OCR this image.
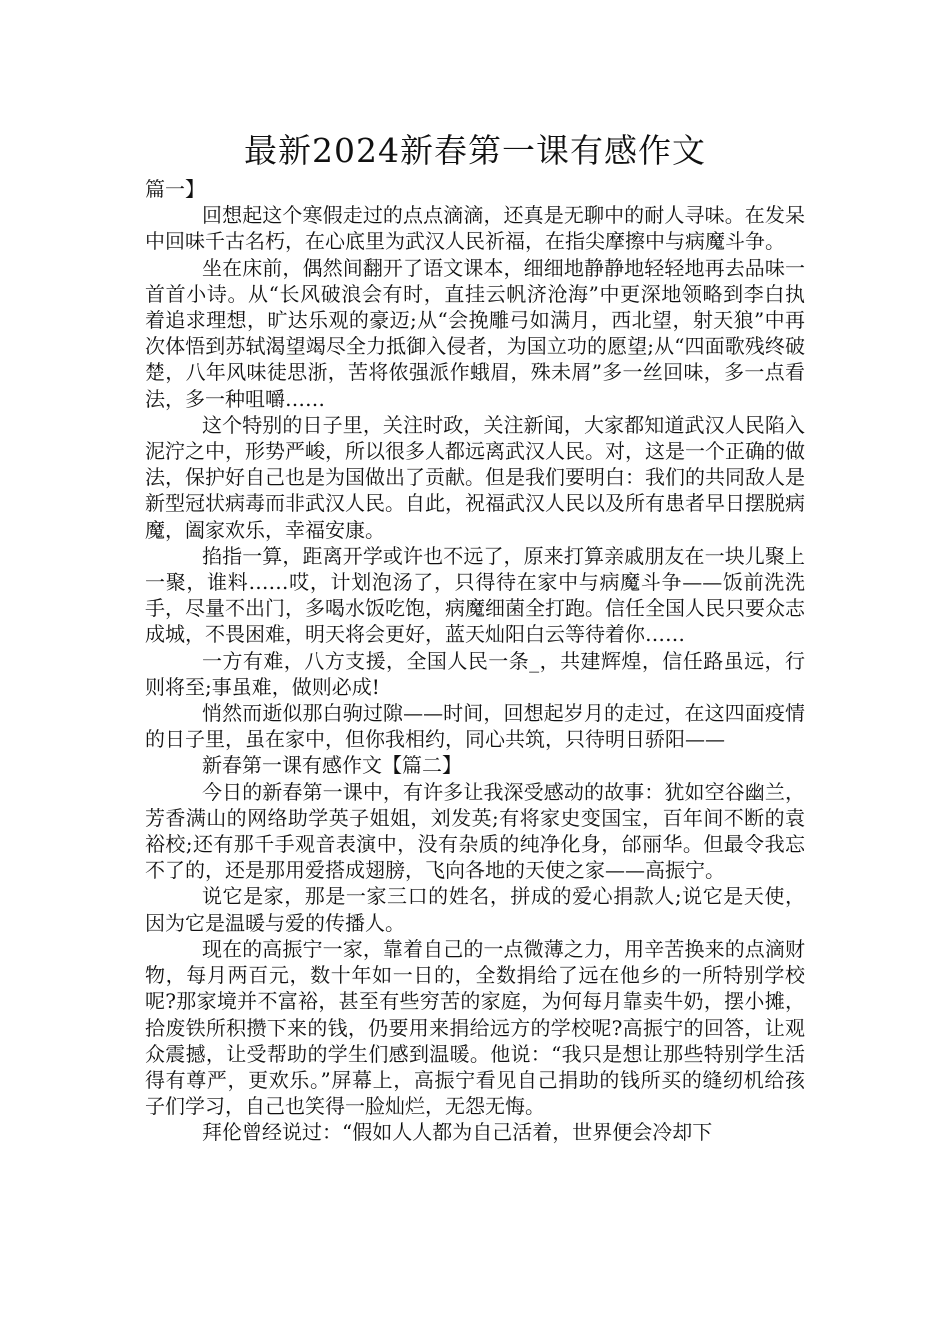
最新2024新春第一课有感作文

篇一】

回想起这个寒假走过的点点滴滴，还真是无聊中的耐人寻味。在发呆中回味千古名朽，在心底里为武汉人民祈福，在指尖摩擦中与病魔斗争。

坐在床前，偶然间翻开了语文课本，细细地静静地轻轻地再去品味一首首小诗。从“长风破浪会有时，直挂云帆济沧海”中更深地领略到李白执着追求理想，旷达乐观的豪迈;从“会挽雕弓如满月，西北望，射天狼”中再次体悟到苏轼渴望竭尽全力抵御入侵者，为国立功的愿望;从“四面歌残终破楚，八年风味徒思浙，苦将侬强派作蛾眉，殊未屑”多一丝回味，多一点看法，多一种咀嚼……

这个特别的日子里，关注时政，关注新闻，大家都知道武汉人民陷入泥泞之中，形势严峻，所以很多人都远离武汉人民。对，这是一个正确的做法，保护好自己也是为国做出了贡献。但是我们要明白：我们的共同敌人是新型冠状病毒而非武汉人民。自此，祝福武汉人民以及所有患者早日摆脱病魔，阖家欢乐，幸福安康。

掐指一算，距离开学或许也不远了，原来打算亲戚朋友在一块儿聚上一聚，谁料……哎，计划泡汤了，只得待在家中与病魔斗争——饭前洗洗手，尽量不出门，多喝水饭吃饱，病魔细菌全打跑。信任全国人民只要众志成城，不畏困难，明天将会更好，蓝天灿阳白云等待着你……

一方有难，八方支援，全国人民一条_，共建辉煌，信任路虽远，行则将至;事虽难，做则必成!

悄然而逝似那白驹过隙——时间，回想起岁月的走过，在这四面疫情的日子里，虽在家中，但你我相约，同心共筑，只待明日骄阳——

新春第一课有感作文【篇二】

今日的新春第一课中，有许多让我深受感动的故事：犹如空谷幽兰，芳香满山的网络助学英子姐姐，刘发英;有将家史变国宝，百年间不断的袁裕校;还有那千手观音表演中，没有杂质的纯净化身，邰丽华。但最令我忘不了的，还是那用爱搭成翅膀，飞向各地的天使之家——高振宁。

说它是家，那是一家三口的姓名，拼成的爱心捐款人;说它是天使，因为它是温暖与爱的传播人。

现在的高振宁一家，靠着自己的一点微薄之力，用辛苦换来的点滴财物，每月两百元，数十年如一日的，全数捐给了远在他乡的一所特别学校呢?那家境并不富裕，甚至有些穷苦的家庭，为何每月靠卖牛奶，摆小摊，拾废铁所积攒下来的钱，仍要用来捐给远方的学校呢?高振宁的回答，让观众震撼，让受帮助的学生们感到温暖。他说：“我只是想让那些特别学生活得有尊严，更欢乐。”屏幕上，高振宁看见自己捐助的钱所买的缝纫机给孩子们学习，自己也笑得一脸灿烂，无怨无悔。

拜伦曾经说过：“假如人人都为自己活着，世界便会冷却下
